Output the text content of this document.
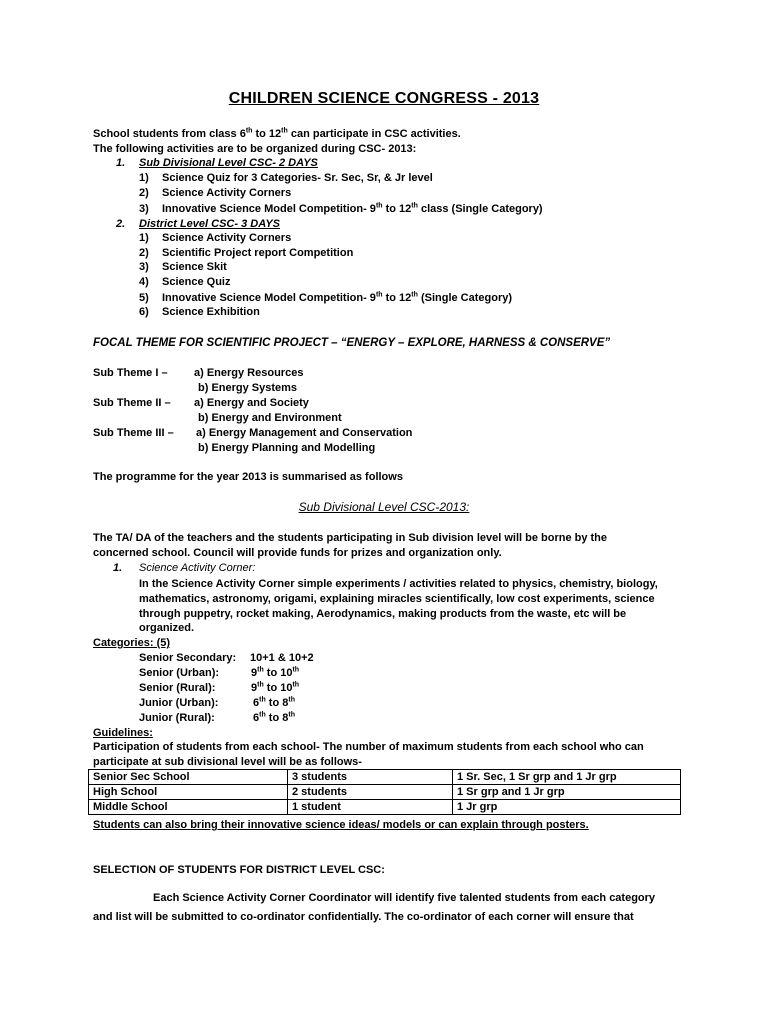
CHILDREN SCIENCE CONGRESS - 2013
School students from class 6th to 12th can participate in CSC activities.
The following activities are to be organized during CSC- 2013:
1. Sub Divisional Level CSC- 2 DAYS
1) Science Quiz for 3 Categories- Sr. Sec, Sr, & Jr level
2) Science Activity Corners
3) Innovative Science Model Competition- 9th to 12th class (Single Category)
2. District Level CSC- 3 DAYS
1) Science Activity Corners
2) Scientific Project report Competition
3) Science Skit
4) Science Quiz
5) Innovative Science Model Competition- 9th to 12th (Single Category)
6) Science Exhibition
FOCAL THEME FOR SCIENTIFIC PROJECT – “ENERGY – EXPLORE, HARNESS & CONSERVE”
Sub Theme I – a) Energy Resources
b) Energy Systems
Sub Theme II – a) Energy and Society
b) Energy and Environment
Sub Theme III – a) Energy Management and Conservation
b) Energy Planning and Modelling
The programme for the year 2013 is summarised as follows
Sub Divisional Level CSC-2013:
The TA/ DA of the teachers and the students participating in Sub division level will be borne by the
concerned school. Council will provide funds for prizes and organization only.
1. Science Activity Corner:
In the Science Activity Corner simple experiments / activities related to physics, chemistry, biology,
mathematics, astronomy, origami, explaining miracles scientifically, low cost experiments, science
through puppetry, rocket making, Aerodynamics, making products from the waste, etc will be
organized.
Categories: (5)
Senior Secondary: 10+1 & 10+2
Senior (Urban):	9th to 10th
Senior (Rural):	9th to 10th
Junior (Urban):	6th to 8th
Junior (Rural):	6th to 8th
Guidelines:
Participation of students from each school- The number of maximum students from each school who can
participate at sub divisional level will be as follows-
Senior Sec School	3 students	1 Sr. Sec, 1 Sr grp and 1 Jr grp
High School	2 students	1 Sr grp and 1 Jr grp
Middle School	1 student	1 Jr grp
Students can also bring their innovative science ideas/ models or can explain through posters.
SELECTION OF STUDENTS FOR DISTRICT LEVEL CSC:
Each Science Activity Corner Coordinator will identify five talented students from each category
and list will be submitted to co-ordinator confidentially. The co-ordinator of each corner will ensure that
